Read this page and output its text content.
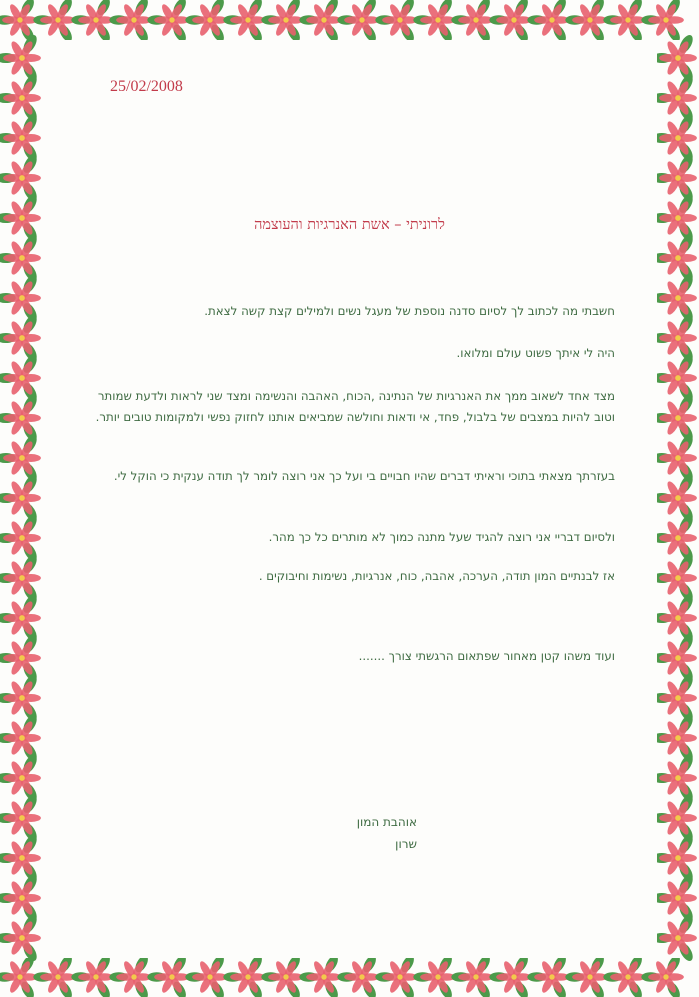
25/02/2008
לרוניתי – אשת האנרגיות והעוצמה
חשבתי מה לכתוב לך לסיום סדנה נוספת של מעגל נשים ולמילים קצת קשה לצאת.
היה לי איתך פשוט עולם ומלואו.
מצד אחד לשאוב ממך את האנרגיות של הנתינה ,הכוח, האהבה והנשימה ומצד שני לראות ולדעת שמותר וטוב להיות במצבים של בלבול, פחד, אי ודאות וחולשה שמביאים אותנו לחזוק נפשי ולמקומות טובים יותר.
בעזרתך מצאתי בתוכי וראיתי דברים שהיו חבויים בי ועל כך אני רוצה לומר לך תודה ענקית כי הוקל לי.
ולסיום דבריי אני רוצה להגיד שעל מתנה כמוך לא מותרים כל כך מהר.
אז לבנתיים המון תודה, הערכה, אהבה, כוח, אנרגיות, נשימות וחיבוקים .
ועוד משהו קטן מאחור שפתאום הרגשתי צורך .......
אוהבת המון
שרון
